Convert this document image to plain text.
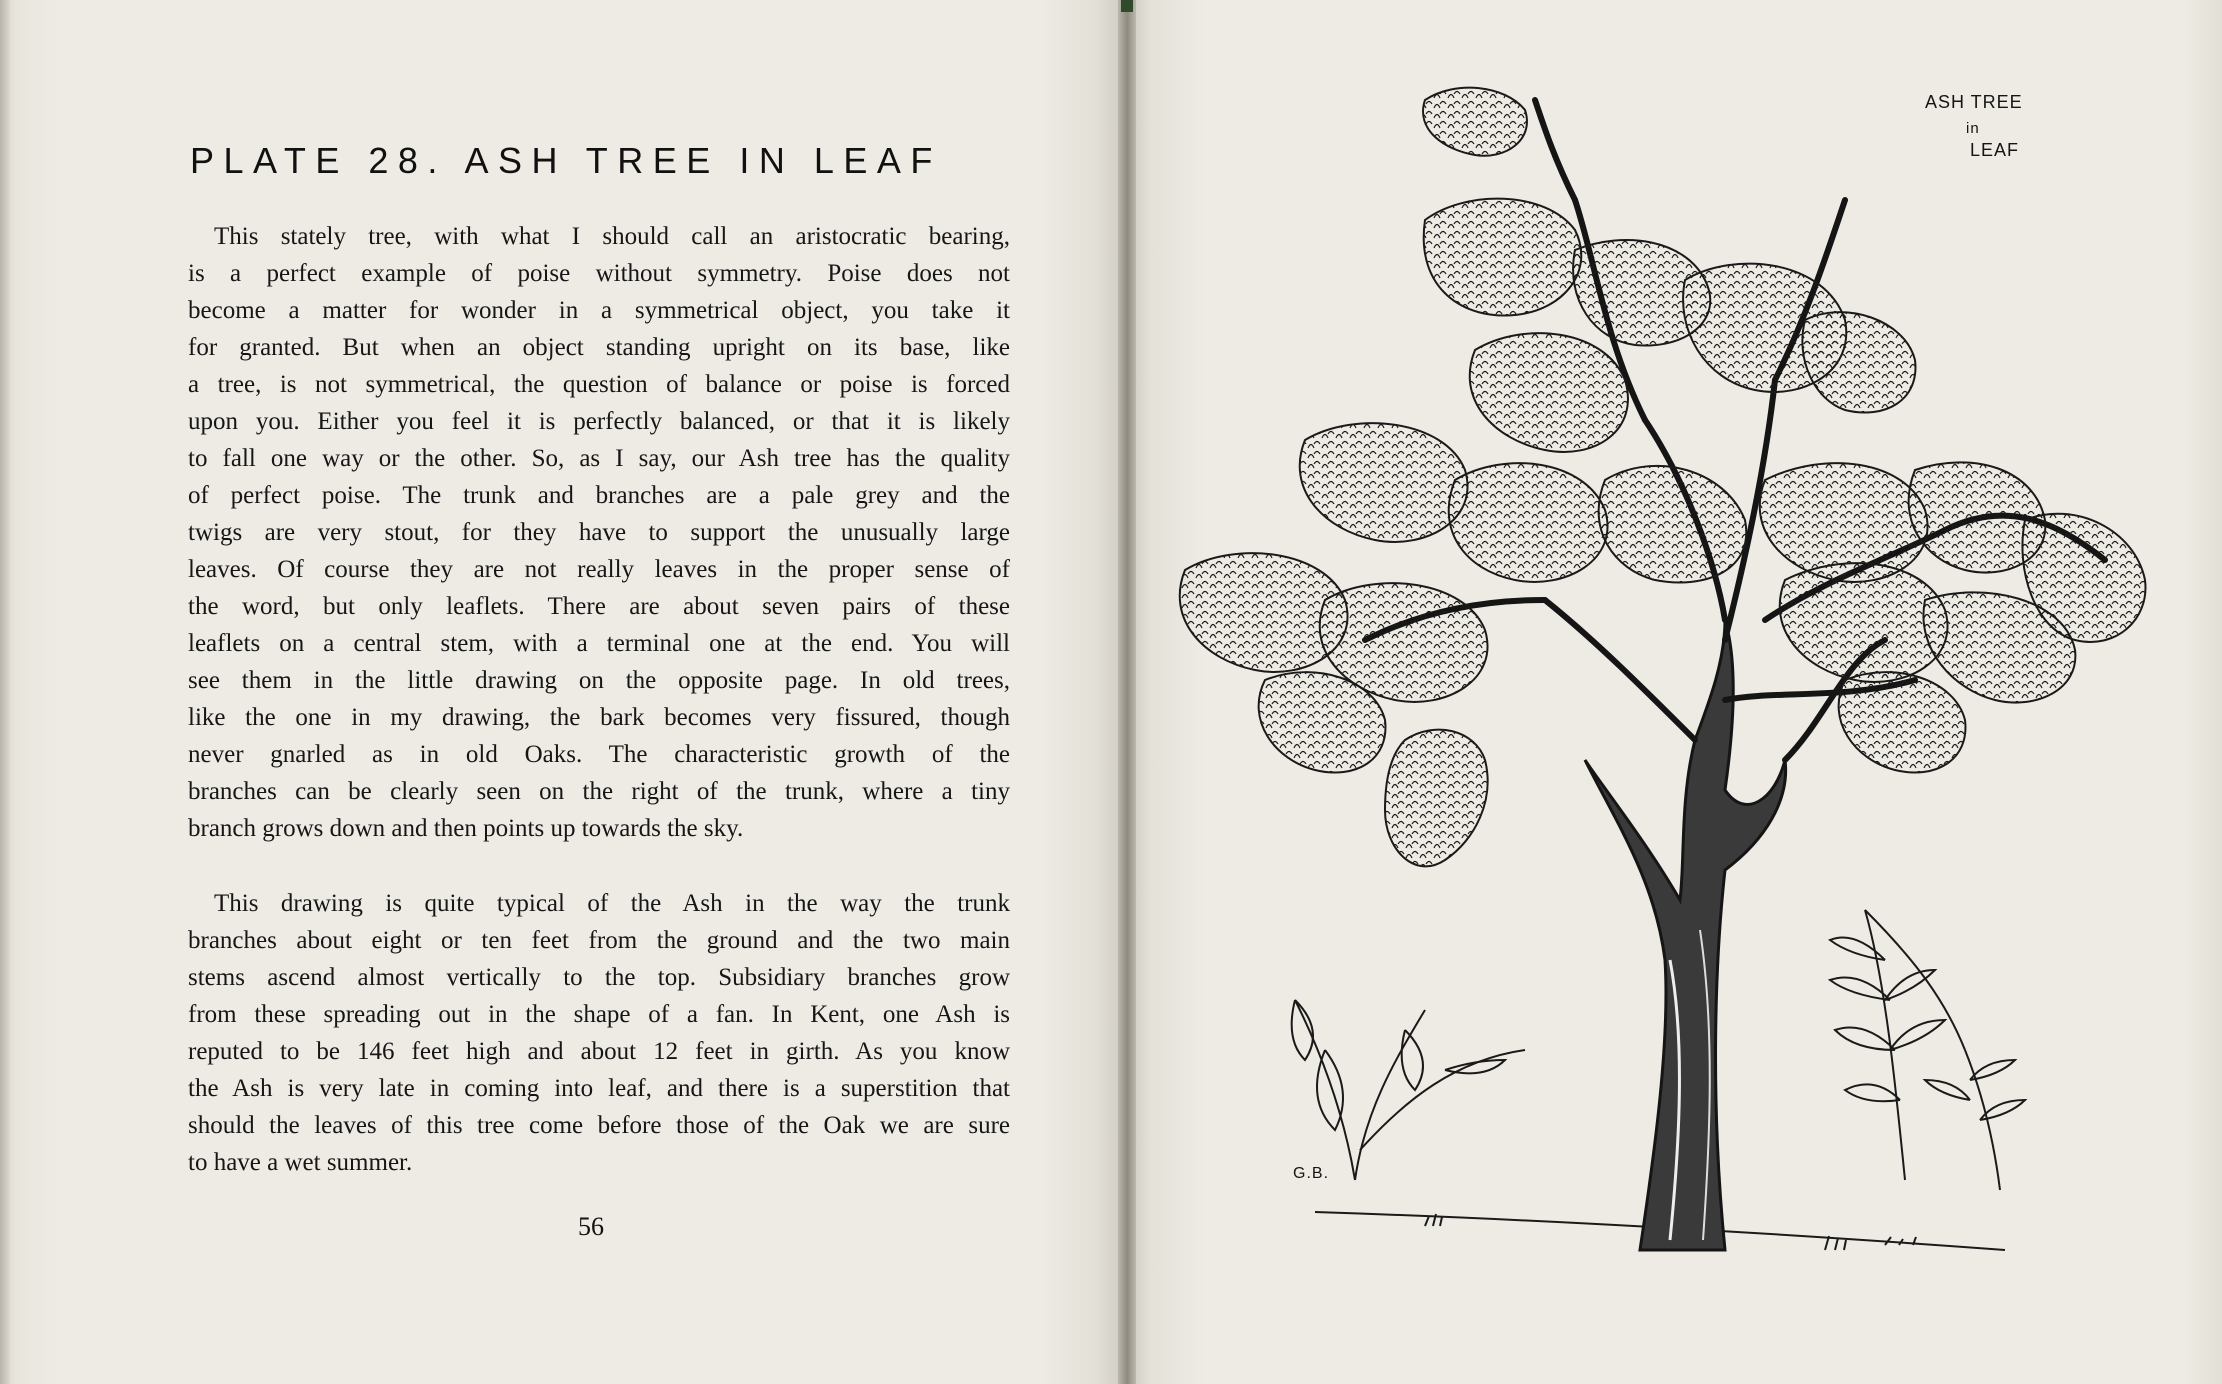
PLATE 28. ASH TREE IN LEAF
This stately tree, with what I should call an aristocratic bearing,
is a perfect example of poise without symmetry. Poise does not
become a matter for wonder in a symmetrical object, you take it
for granted. But when an object standing upright on its base, like
a tree, is not symmetrical, the question of balance or poise is forced
upon you. Either you feel it is perfectly balanced, or that it is likely
to fall one way or the other. So, as I say, our Ash tree has the quality
of perfect poise. The trunk and branches are a pale grey and the
twigs are very stout, for they have to support the unusually large
leaves. Of course they are not really leaves in the proper sense of
the word, but only leaflets. There are about seven pairs of these
leaflets on a central stem, with a terminal one at the end. You will
see them in the little drawing on the opposite page. In old trees,
like the one in my drawing, the bark becomes very fissured, though
never gnarled as in old Oaks. The characteristic growth of the
branches can be clearly seen on the right of the trunk, where a tiny
branch grows down and then points up towards the sky.
This drawing is quite typical of the Ash in the way the trunk
branches about eight or ten feet from the ground and the two main
stems ascend almost vertically to the top. Subsidiary branches grow
from these spreading out in the shape of a fan. In Kent, one Ash is
reputed to be 146 feet high and about 12 feet in girth. As you know
the Ash is very late in coming into leaf, and there is a superstition that
should the leaves of this tree come before those of the Oak we are sure
to have a wet summer.
56
ASH TREE
in
LEAF
G.B.
